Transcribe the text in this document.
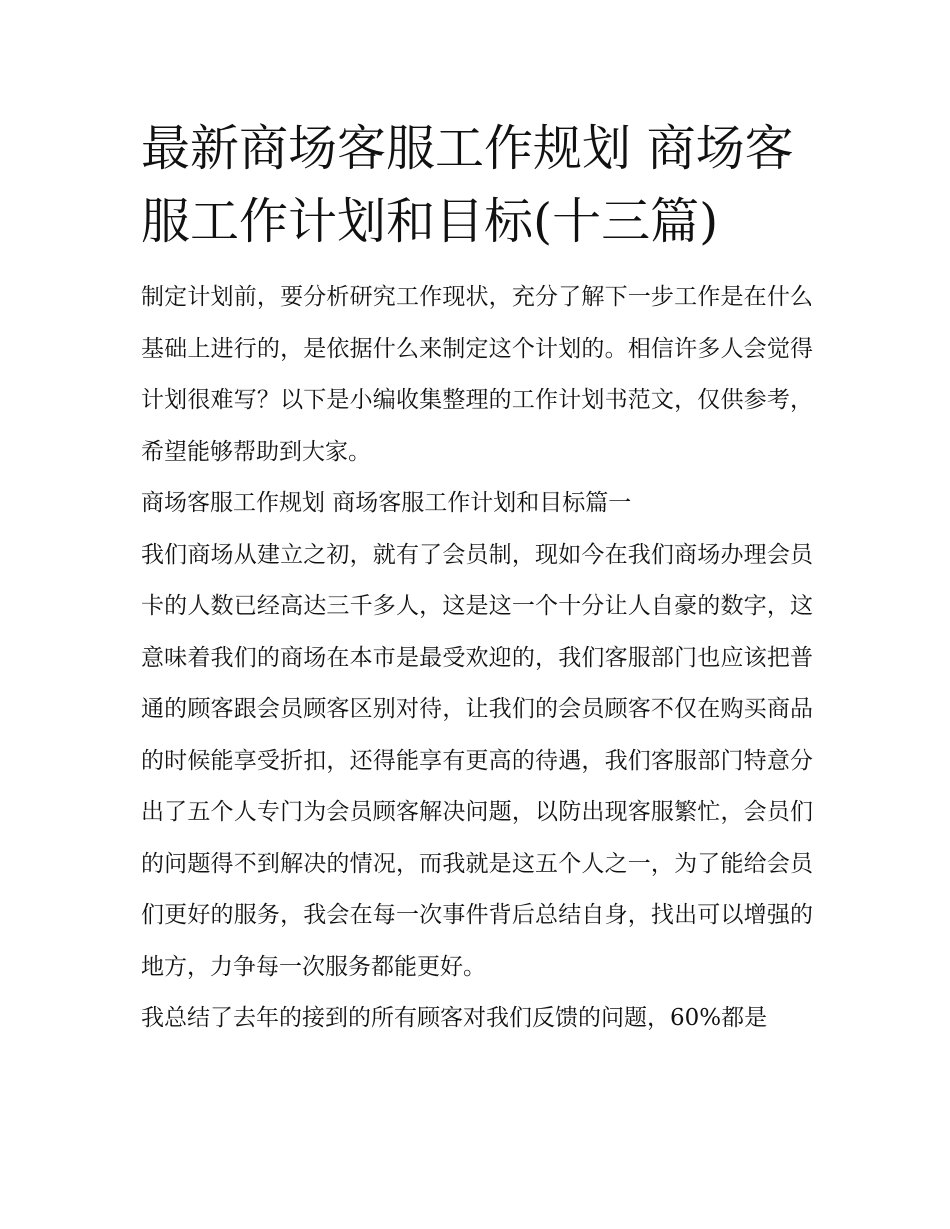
最新商场客服工作规划 商场客服工作计划和目标(十三篇)

制定计划前，要分析研究工作现状，充分了解下一步工作是在什么基础上进行的，是依据什么来制定这个计划的。相信许多人会觉得计划很难写？以下是小编收集整理的工作计划书范文，仅供参考，希望能够帮助到大家。

商场客服工作规划 商场客服工作计划和目标篇一

我们商场从建立之初，就有了会员制，现如今在我们商场办理会员卡的人数已经高达三千多人，这是这一个十分让人自豪的数字，这意味着我们的商场在本市是最受欢迎的，我们客服部门也应该把普通的顾客跟会员顾客区别对待，让我们的会员顾客不仅在购买商品的时候能享受折扣，还得能享有更高的待遇，我们客服部门特意分出了五个人专门为会员顾客解决问题，以防出现客服繁忙，会员们的问题得不到解决的情况，而我就是这五个人之一，为了能给会员们更好的服务，我会在每一次事件背后总结自身，找出可以增强的地方，力争每一次服务都能更好。

我总结了去年的接到的所有顾客对我们反馈的问题，60%都是
